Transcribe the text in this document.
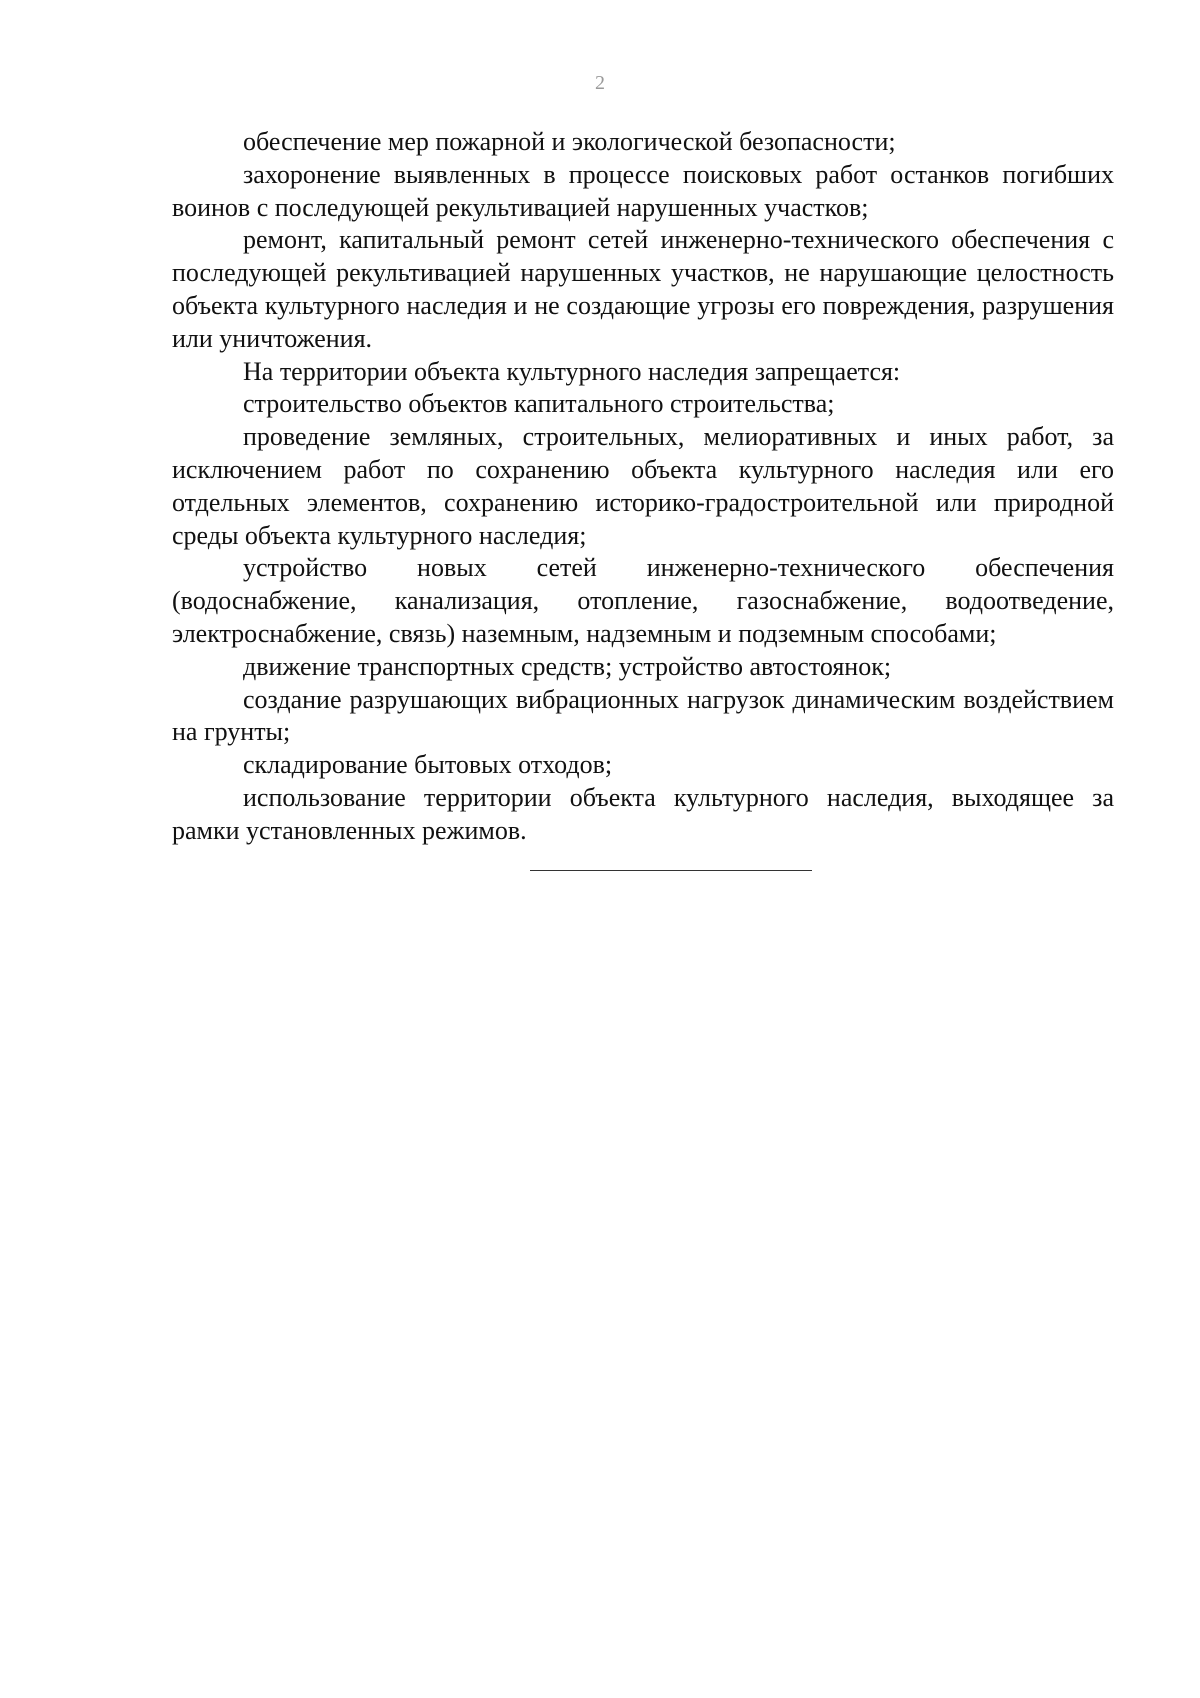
2

обеспечение мер пожарной и экологической безопасности;

захоронение выявленных в процессе поисковых работ останков погибших воинов с последующей рекультивацией нарушенных участков;

ремонт, капитальный ремонт сетей инженерно-технического обеспечения с последующей рекультивацией нарушенных участков, не нарушающие целостность объекта культурного наследия и не создающие угрозы его повреждения, разрушения или уничтожения.

На территории объекта культурного наследия запрещается:

строительство объектов капитального строительства;

проведение земляных, строительных, мелиоративных и иных работ, за исключением работ по сохранению объекта культурного наследия или его отдельных элементов, сохранению историко-градостроительной или природной среды объекта культурного наследия;

устройство новых сетей инженерно-технического обеспечения (водоснабжение, канализация, отопление, газоснабжение, водоотведение, электроснабжение, связь) наземным, надземным и подземным способами;

движение транспортных средств; устройство автостоянок;

создание разрушающих вибрационных нагрузок динамическим воздействием на грунты;

складирование бытовых отходов;

использование территории объекта культурного наследия, выходящее за рамки установленных режимов.
